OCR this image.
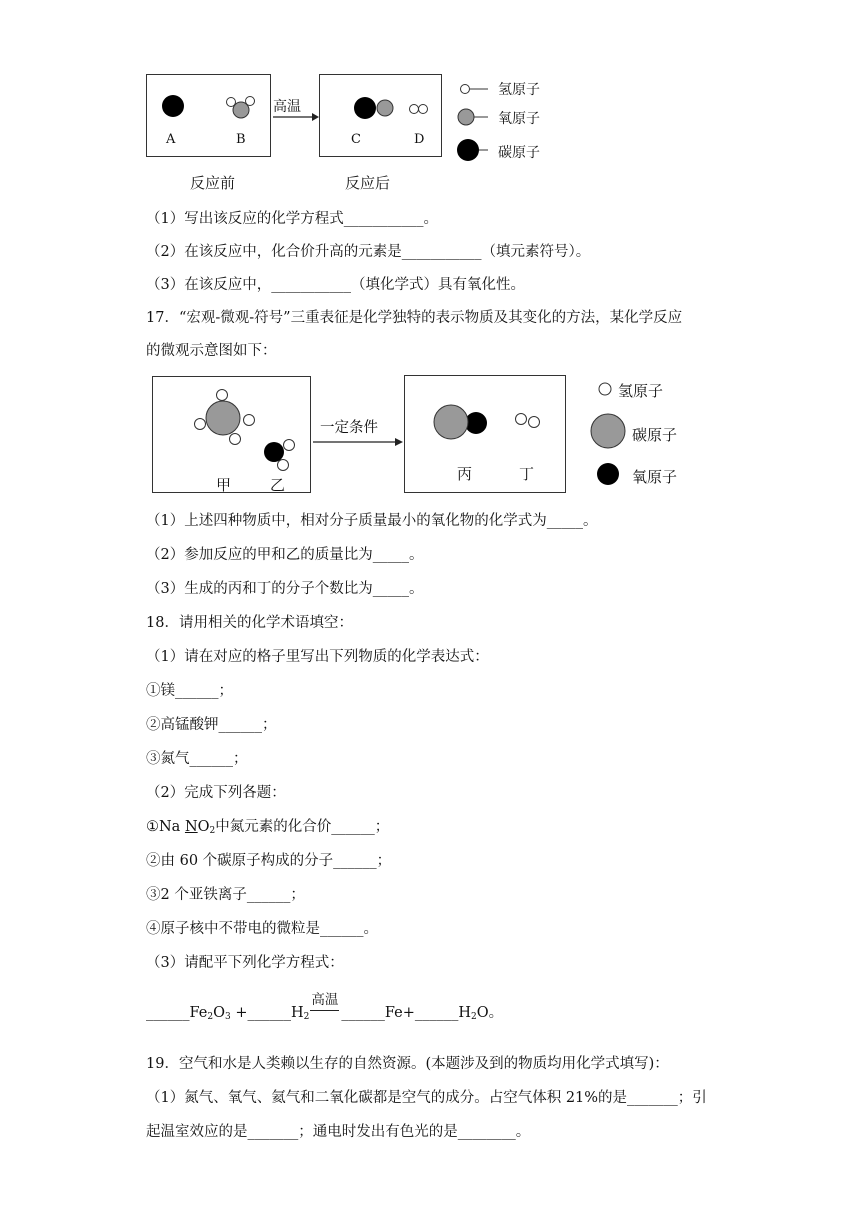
A	B
高温
C	D
氢原子
氧原子
碳原子
反应前	反应后
（1）写出该反应的化学方程式___________。
（2）在该反应中，化合价升高的元素是___________（填元素符号）。
（3）在该反应中，___________（填化学式）具有氧化性。
17．“宏观-微观-符号”三重表征是化学独特的表示物质及其变化的方法，某化学反应
的微观示意图如下：
甲	乙
一定条件
丙	丁
氢原子
碳原子
氧原子
（1）上述四种物质中，相对分子质量最小的氧化物的化学式为_____。
（2）参加反应的甲和乙的质量比为_____。
（3）生成的丙和丁的分子个数比为_____。
18．请用相关的化学术语填空：
（1）请在对应的格子里写出下列物质的化学表达式：
①镁______；
②高锰酸钾______；
③氮气______；
（2）完成下列各题：
①Na $NO_2$中氮元素的化合价______；
②由 60 个碳原子构成的分子______；
③2 个亚铁离子______；
④原子核中不带电的微粒是______。
（3）请配平下列化学方程式：
$\_\_\_\_\_\_Fe_2O_3$ $+\_\_\_\_\_\_H_2$
高温
$\_\_\_\_\_\_Fe+\_\_\_\_\_\_H_2O$。
19．空气和水是人类赖以生存的自然资源。(本题涉及到的物质均用化学式填写)：
（1）氮气、氧气、氦气和二氧化碳都是空气的成分。占空气体积 21%的是_______；引
起温室效应的是_______；通电时发出有色光的是________。
